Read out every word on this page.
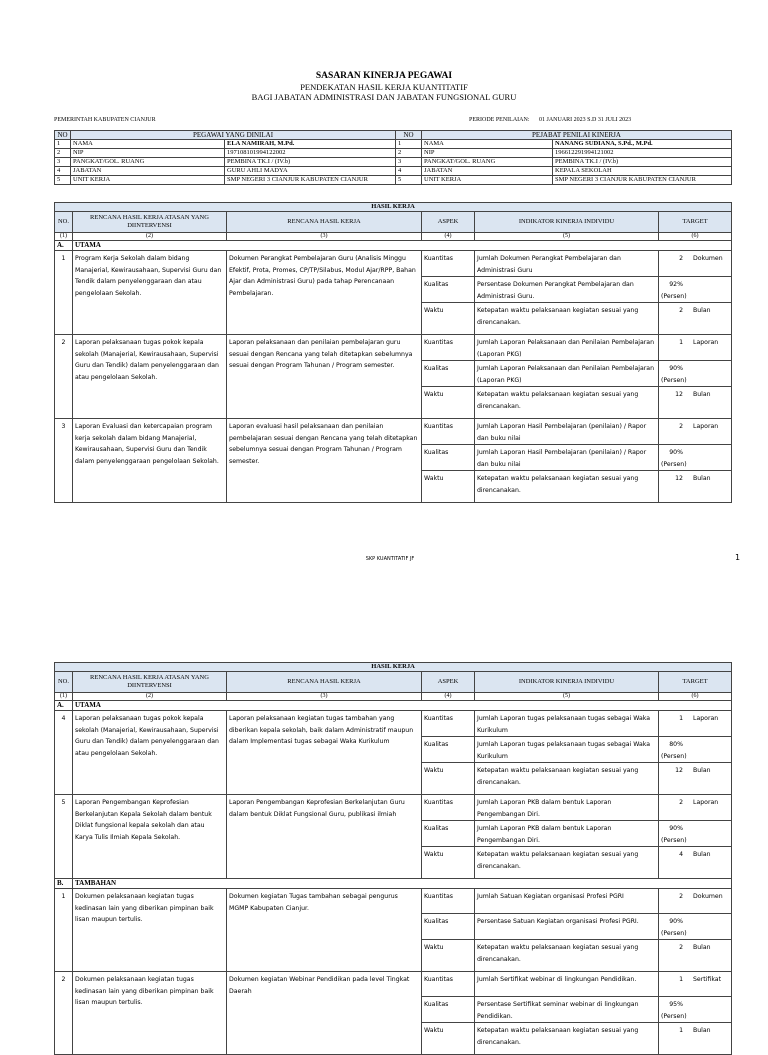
SASARAN KINERJA PEGAWAI
PENDEKATAN HASIL KERJA KUANTITATIF
BAGI JABATAN ADMINISTRASI DAN JABATAN FUNGSIONAL GURU
PEMERINTAH KABUPATEN CIANJUR	PERIODE PENILAIAN: 01 JANUARI 2023 S.D 31 JULI 2023
NO	PEGAWAI YANG DINILAI		NO	PEJABAT PENILAI KINERJA	
1	NAMA	ELA NAMIRAH, M.Pd.	1	NAMA	NANANG SUDIANA, S.Pd., M.Pd.
2	NIP	197108101994122002	2	NIP	196612291994121002
3	PANGKAT/GOL. RUANG	PEMBINA TK.I / (IV.b)	3	PANGKAT/GOL. RUANG	PEMBINA TK.I / (IV.b)
4	JABATAN	GURU AHLI MADYA	4	JABATAN	KEPALA SEKOLAH
5	UNIT KERJA	SMP NEGERI 3 CIANJUR KABUPATEN CIANJUR	5	UNIT KERJA	SMP NEGERI 3 CIANJUR KABUPATEN CIANJUR
HASIL KERJA					
NO.	RENCANA HASIL KERJA ATASAN YANG DIINTERVENSI	RENCANA HASIL KERJA	ASPEK	INDIKATOR KINERJA INDIVIDU	TARGET
(1)	(2)	(3)	(4)	(5)	(6)
A.	UTAMA				
1	Program Kerja Sekolah dalam bidang Manajerial, Kewirausahaan, Supervisi Guru dan Tendik dalam penyelenggaraan dan atau pengelolaan Sekolah.	Dokumen Perangkat Pembelajaran Guru (Analisis Minggu Efektif, Prota, Promes, CP/TP/Silabus, Modul Ajar/RPP, Bahan Ajar dan Administrasi Guru) pada tahap Perencanaan Pembelajaran.	Kuantitas	Jumlah Dokumen Perangkat Pembelajaran dan Administrasi Guru	2 Dokumen
			Kualitas	Persentase Dokumen Perangkat Pembelajaran dan Administrasi Guru.	92% (Persen)
			Waktu	Ketepatan waktu pelaksanaan kegiatan sesuai yang direncanakan.	2 Bulan
2	Laporan pelaksanaan tugas pokok kepala sekolah (Manajerial, Kewirausahaan, Supervisi Guru dan Tendik) dalam penyelenggaraan dan atau pengelolaan Sekolah.	Laporan pelaksanaan dan penilaian pembelajaran guru sesuai dengan Rencana yang telah ditetapkan sebelumnya sesuai dengan Program Tahunan / Program semester.	Kuantitas	Jumlah Laporan Pelaksanaan dan Penilaian Pembelajaran (Laporan PKG)	1 Laporan
			Kualitas	Jumlah Laporan Pelaksanaan dan Penilaian Pembelajaran (Laporan PKG)	90% (Persen)
			Waktu	Ketepatan waktu pelaksanaan kegiatan sesuai yang direncanakan.	12 Bulan
3	Laporan Evaluasi dan ketercapaian program kerja sekolah dalam bidang Manajerial, Kewirausahaan, Supervisi Guru dan Tendik dalam penyelenggaraan pengelolaan Sekolah.	Laporan evaluasi hasil pelaksanaan dan penilaian pembelajaran sesuai dengan Rencana yang telah ditetapkan sebelumnya sesuai dengan Program Tahunan / Program semester.	Kuantitas	Jumlah Laporan Hasil Pembelajaran (penilaian) / Rapor dan buku nilai	2 Laporan
			Kualitas	Jumlah Laporan Hasil Pembelajaran (penilaian) / Rapor dan buku nilai	90% (Persen)
			Waktu	Ketepatan waktu pelaksanaan kegiatan sesuai yang direncanakan.	12 Bulan
SKP KUANTITATIF JF	1
HASIL KERJA					
NO.	RENCANA HASIL KERJA ATASAN YANG DIINTERVENSI	RENCANA HASIL KERJA	ASPEK	INDIKATOR KINERJA INDIVIDU	TARGET
(1)	(2)	(3)	(4)	(5)	(6)
A.	UTAMA				
4	Laporan pelaksanaan tugas pokok kepala sekolah (Manajerial, Kewirausahaan, Supervisi Guru dan Tendik) dalam penyelenggaraan dan atau pengelolaan Sekolah.	Laporan pelaksanaan kegiatan tugas tambahan yang diberikan kepala sekolah, baik dalam Administratif maupun dalam Implementasi tugas sebagai Waka Kurikulum	Kuantitas	Jumlah Laporan tugas pelaksanaan tugas sebagai Waka Kurikulum	1 Laporan
			Kualitas	Jumlah Laporan tugas pelaksanaan tugas sebagai Waka Kurikulum	80% (Persen)
			Waktu	Ketepatan waktu pelaksanaan kegiatan sesuai yang direncanakan.	12 Bulan
5	Laporan Pengembangan Keprofesian Berkelanjutan Kepala Sekolah dalam bentuk Diklat fungsional kepala sekolah dan atau Karya Tulis Ilmiah Kepala Sekolah.	Laporan Pengembangan Keprofesian Berkelanjutan Guru dalam bentuk Diklat Fungsional Guru, publikasi ilmiah	Kuantitas	Jumlah Laporan PKB dalam bentuk Laporan Pengembangan Diri.	2 Laporan
			Kualitas	Jumlah Laporan PKB dalam bentuk Laporan Pengembangan Diri.	90% (Persen)
			Waktu	Ketepatan waktu pelaksanaan kegiatan sesuai yang direncanakan.	4 Bulan
B.	TAMBAHAN				
1	Dokumen pelaksanaan kegiatan tugas kedinasan lain yang diberikan pimpinan baik lisan maupun tertulis.	Dokumen kegiatan Tugas tambahan sebagai pengurus MGMP Kabupaten Cianjur.	Kuantitas	Jumlah Satuan Kegiatan organisasi Profesi PGRI	2 Dokumen
			Kualitas	Persentase Satuan Kegiatan organisasi Profesi PGRI.	90% (Persen)
			Waktu	Ketepatan waktu pelaksanaan kegiatan sesuai yang direncanakan.	2 Bulan
2	Dokumen pelaksanaan kegiatan tugas kedinasan lain yang diberikan pimpinan baik lisan maupun tertulis.	Dokumen kegiatan Webinar Pendidikan pada level Tingkat Daerah	Kuantitas	Jumlah Sertifikat webinar di lingkungan Pendidikan.	1 Sertifikat
			Kualitas	Persentase Sertifikat seminar webinar di lingkungan Pendidikan.	95% (Persen)
			Waktu	Ketepatan waktu pelaksanaan kegiatan sesuai yang direncanakan.	1 Bulan
